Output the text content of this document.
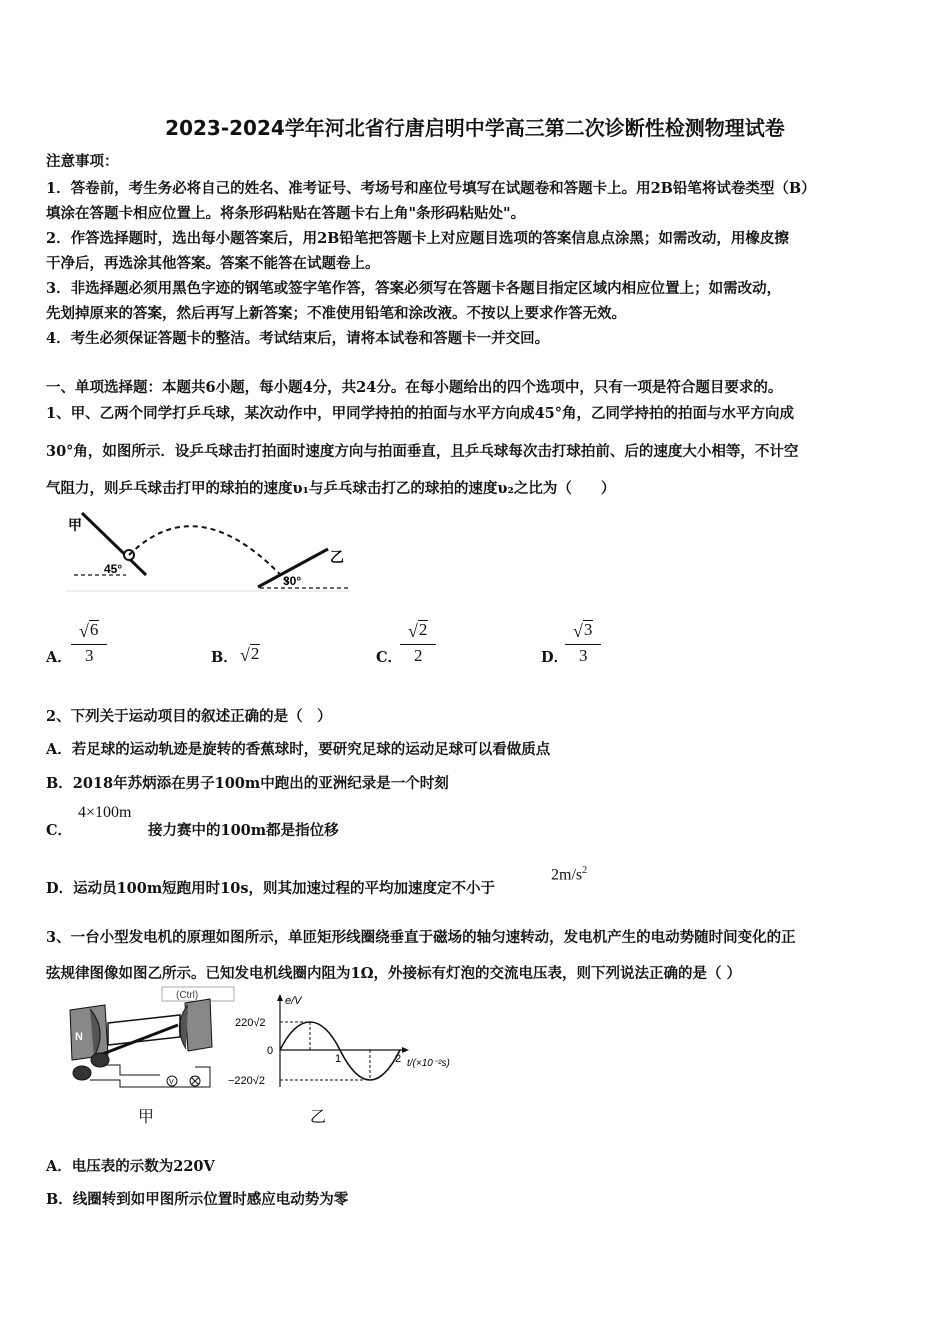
2023-2024学年河北省行唐启明中学高三第二次诊断性检测物理试卷
注意事项：
1．答卷前，考生务必将自己的姓名、准考证号、考场号和座位号填写在试题卷和答题卡上。用2B铅笔将试卷类型（B）
填涂在答题卡相应位置上。将条形码粘贴在答题卡右上角"条形码粘贴处"。
2．作答选择题时，选出每小题答案后，用2B铅笔把答题卡上对应题目选项的答案信息点涂黑；如需改动，用橡皮擦
干净后，再选涂其他答案。答案不能答在试题卷上。
3．非选择题必须用黑色字迹的钢笔或签字笔作答，答案必须写在答题卡各题目指定区域内相应位置上；如需改动，
先划掉原来的答案，然后再写上新答案；不准使用铅笔和涂改液。不按以上要求作答无效。
4．考生必须保证答题卡的整洁。考试结束后，请将本试卷和答题卡一并交回。
一、单项选择题：本题共6小题，每小题4分，共24分。在每小题给出的四个选项中，只有一项是符合题目要求的。
1、甲、乙两个同学打乒乓球，某次动作中，甲同学持拍的拍面与水平方向成45°角，乙同学持拍的拍面与水平方向成
30°角，如图所示．设乒乓球击打拍面时速度方向与拍面垂直，且乒乓球每次击打球拍前、后的速度大小相等，不计空
气阻力，则乒乓球击打甲的球拍的速度υ₁与乒乓球击打乙的球拍的速度υ₂之比为（　　）
甲
45°
乙
30°
A． $\frac{√ 6}{3}$	B． √ 2	C． $\frac{√ 2}{2}$	D． $\frac{√ 3}{3}$
2、下列关于运动项目的叙述正确的是（　）
A．若足球的运动轨迹是旋转的香蕉球时，要研究足球的运动足球可以看做质点
B．2018年苏炳添在男子100m中跑出的亚洲纪录是一个时刻
C．
4×100m
接力赛中的100m都是指位移
D．运动员100m短跑用时10s，则其加速过程的平均加速度定不小于
$2m/s^2$
3、一台小型发电机的原理如图所示，单匝矩形线圈绕垂直于磁场的轴匀速转动，发电机产生的电动势随时间变化的正
弦规律图像如图乙所示。已知发电机线圈内阻为1Ω，外接标有灯泡的交流电压表，则下列说法正确的是（ ）
(Ctrl)
N
V
甲
e/V
220√2
0
−220√2
1	2 t/(×10⁻²s)
乙
A．电压表的示数为220V
B．线圈转到如甲图所示位置时感应电动势为零
